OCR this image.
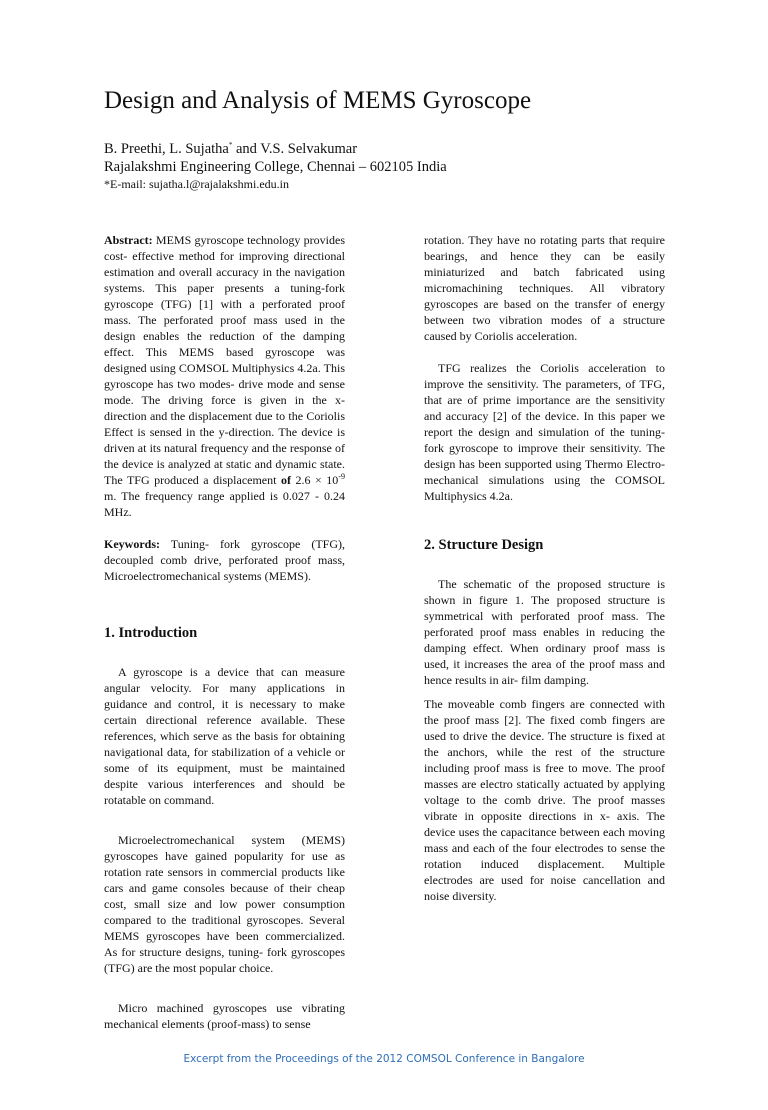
Design and Analysis of MEMS Gyroscope
B. Preethi, L. Sujatha* and V.S. Selvakumar
Rajalakshmi Engineering College, Chennai – 602105 India
*E-mail: sujatha.l@rajalakshmi.edu.in

Abstract: MEMS gyroscope technology provides cost- effective method for improving directional estimation and overall accuracy in the navigation systems. This paper presents a tuning-fork gyroscope (TFG) [1] with a perforated proof mass. The perforated proof mass used in the design enables the reduction of the damping effect. This MEMS based gyroscope was designed using COMSOL Multiphysics 4.2a. This gyroscope has two modes- drive mode and sense mode. The driving force is given in the x-direction and the displacement due to the Coriolis Effect is sensed in the y-direction. The device is driven at its natural frequency and the response of the device is analyzed at static and dynamic state. The TFG produced a displacement of $2.6 \times 10^{-9}$ m. The frequency range applied is 0.027 - 0.24 MHz.

Keywords: Tuning- fork gyroscope (TFG), decoupled comb drive, perforated proof mass, Microelectromechanical systems (MEMS).

1. Introduction

A gyroscope is a device that can measure angular velocity. For many applications in guidance and control, it is necessary to make certain directional reference available. These references, which serve as the basis for obtaining navigational data, for stabilization of a vehicle or some of its equipment, must be maintained despite various interferences and should be rotatable on command.

Microelectromechanical system (MEMS) gyroscopes have gained popularity for use as rotation rate sensors in commercial products like cars and game consoles because of their cheap cost, small size and low power consumption compared to the traditional gyroscopes. Several MEMS gyroscopes have been commercialized. As for structure designs, tuning- fork gyroscopes (TFG) are the most popular choice.

Micro machined gyroscopes use vibrating mechanical elements (proof-mass) to sense

rotation. They have no rotating parts that require bearings, and hence they can be easily miniaturized and batch fabricated using micromachining techniques. All vibratory gyroscopes are based on the transfer of energy between two vibration modes of a structure caused by Coriolis acceleration.

TFG realizes the Coriolis acceleration to improve the sensitivity. The parameters, of TFG, that are of prime importance are the sensitivity and accuracy [2] of the device. In this paper we report the design and simulation of the tuning-fork gyroscope to improve their sensitivity. The design has been supported using Thermo Electro- mechanical simulations using the COMSOL Multiphysics 4.2a.

2. Structure Design

The schematic of the proposed structure is shown in figure 1. The proposed structure is symmetrical with perforated proof mass. The perforated proof mass enables in reducing the damping effect. When ordinary proof mass is used, it increases the area of the proof mass and hence results in air- film damping.

The moveable comb fingers are connected with the proof mass [2]. The fixed comb fingers are used to drive the device. The structure is fixed at the anchors, while the rest of the structure including proof mass is free to move. The proof masses are electro statically actuated by applying voltage to the comb drive. The proof masses vibrate in opposite directions in x- axis. The device uses the capacitance between each moving mass and each of the four electrodes to sense the rotation induced displacement. Multiple electrodes are used for noise cancellation and noise diversity.

Excerpt from the Proceedings of the 2012 COMSOL Conference in Bangalore
